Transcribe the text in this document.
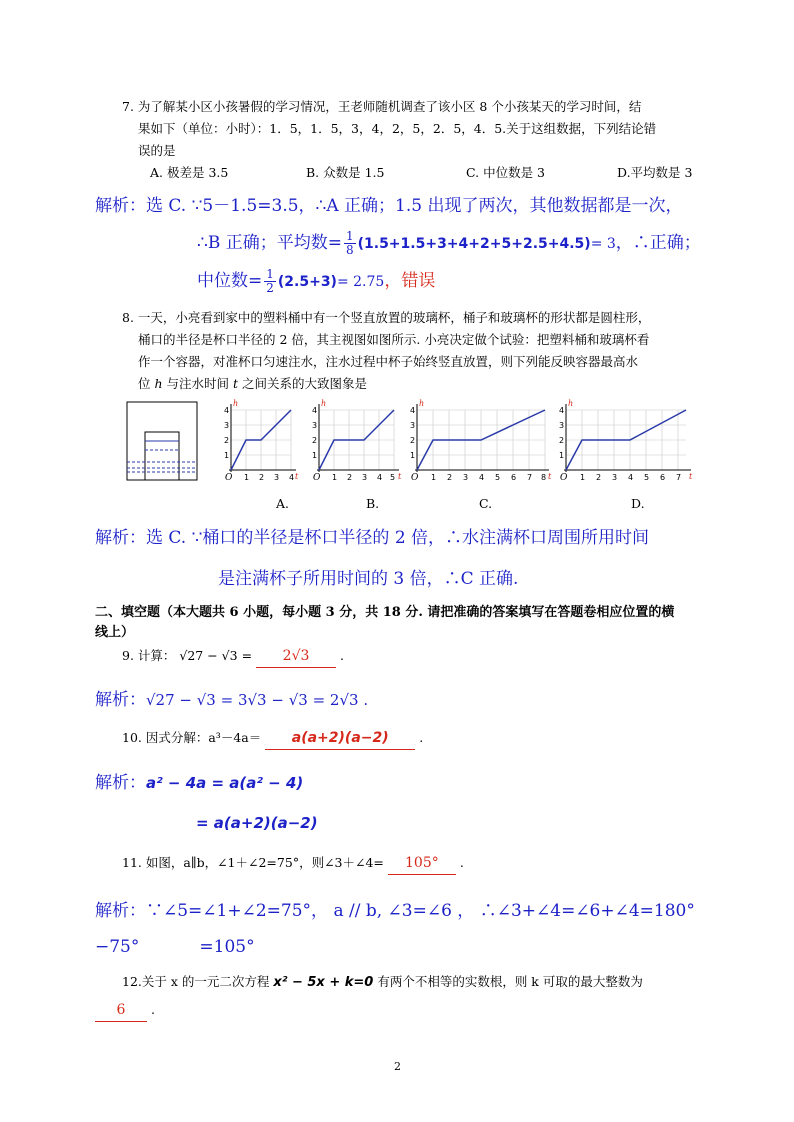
7. 为了解某小区小孩暑假的学习情况，王老师随机调查了该小区 8 个小孩某天的学习时间，结
果如下（单位：小时）：1．5，1．5，3，4，2，5，2．5，4．5.关于这组数据，下列结论错
误的是
A. 极差是 3.5	B. 众数是 1.5	C. 中位数是 3	D.平均数是 3
解析：选 C. ∵5－1.5=3.5，∴A 正确；1.5 出现了两次，其他数据都是一次，
∴B 正确；平均数= $\frac{1}{8} (1.5+1.5+3+4+2+5+2.5+4.5)= 3$，∴正确；
中位数= $\frac{1}{2} (2.5+3)= 2.75$，错误
8. 一天，小亮看到家中的塑料桶中有一个竖直放置的玻璃杯，桶子和玻璃杯的形状都是圆柱形，
桶口的半径是杯口半径的 2 倍，其主视图如图所示. 小亮决定做个试验：把塑料桶和玻璃杯看
作一个容器，对准杯口匀速注水，注水过程中杯子始终竖直放置，则下列能反映容器最高水
位 h 与注水时间 t 之间关系的大致图象是
O
h
t
1
2
3
4
1 2 3 4 O
h
t
1
2
3
4
1 2 3 4 5 O
h
t
1
2
3
4
1 2 3 4 5 6 7 8 O
h
t
1
2
3
4
1 2 3 4 5 6 7
A.	B.	C.	D.
解析：选 C. ∵桶口的半径是杯口半径的 2 倍，∴水注满杯口周围所用时间
是注满杯子所用时间的 3 倍，∴C 正确.
二、填空题（本大题共 6 小题，每小题 3 分，共 18 分. 请把准确的答案填写在答题卷相应位置的横
线上）
9. 计算： √27 − √3 = 2√3 .
解析：√27 − √3 = 3√3 − √3 = 2√3 .
10. 因式分解：a³－4a＝ a(a+2)(a−2) .
解析：a² − 4a = a(a² − 4)
= a(a+2)(a−2)
11. 如图，a∥b，∠1＋∠2=75°，则∠3＋∠4= 105° .
解析：∵∠5=∠1+∠2=75°， a // b, ∠3=∠6 ， ∴∠3+∠4=∠6+∠4=180°
−75°	=105°
12.关于 x 的一元二次方程 x² − 5x + k=0 有两个不相等的实数根，则 k 可取的最大整数为
6 .
2
